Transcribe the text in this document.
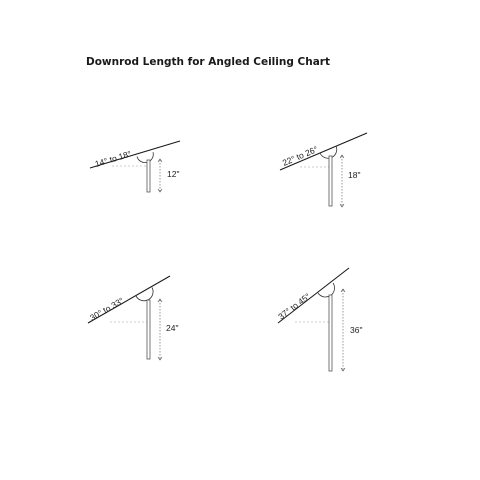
Downrod Length for Angled Ceiling Chart
14° to 18°
12"
22° to 26°
18"
30° to 33°
24"
37° to 45°
36"
